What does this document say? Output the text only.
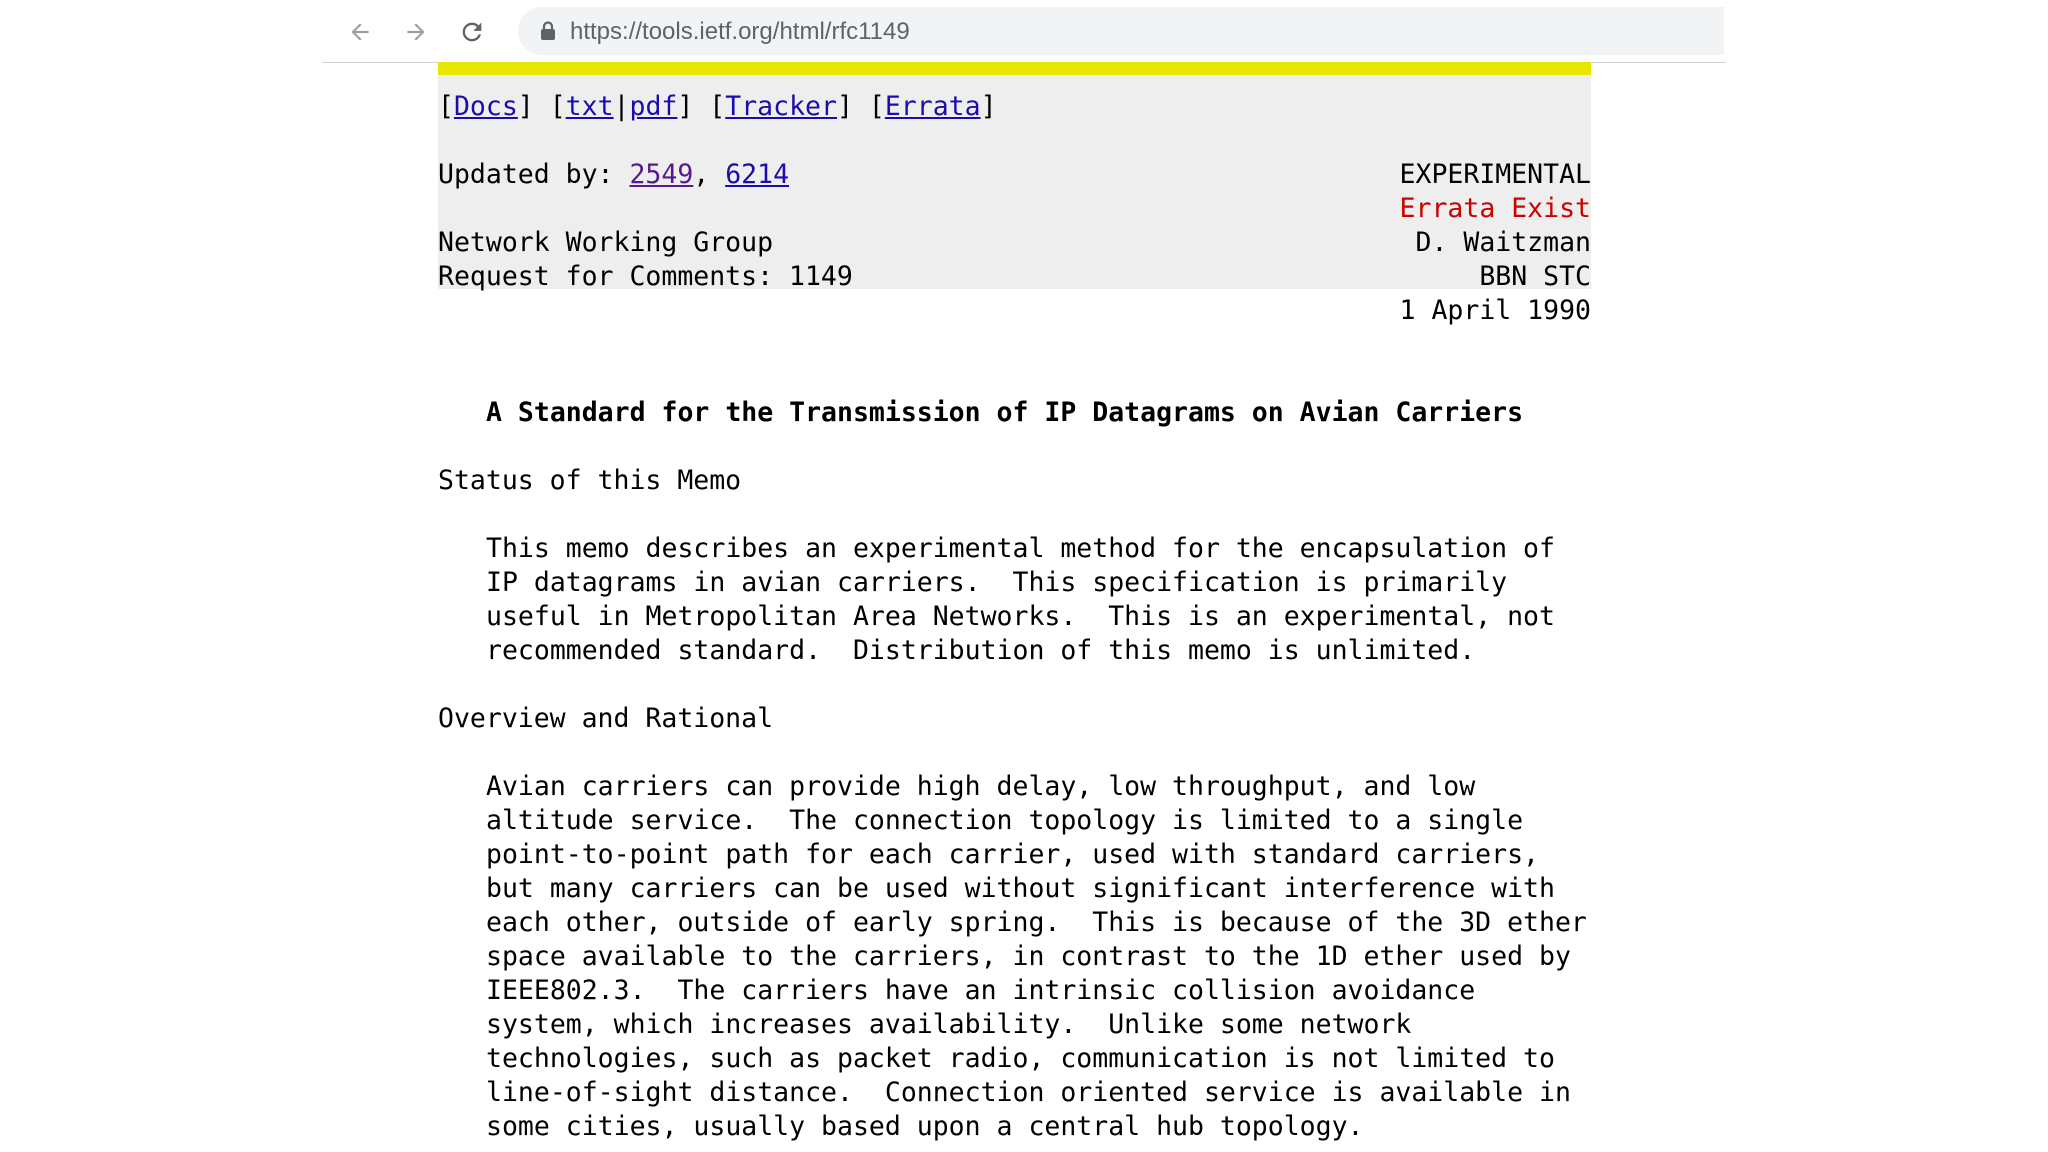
https://tools.ietf.org/html/rfc1149
[Docs] [txt|pdf] [Tracker] [Errata]
Updated by: 2549, 6214	EXPERIMENTAL
Errata Exist
Network Working Group
Request for Comments: 1149
D. Waitzman
BBN STC
1 April 1990
A Standard for the Transmission of IP Datagrams on Avian Carriers
Status of this Memo
This memo describes an experimental method for the encapsulation of
IP datagrams in avian carriers.  This specification is primarily
useful in Metropolitan Area Networks.  This is an experimental, not
recommended standard.  Distribution of this memo is unlimited.
Overview and Rational
Avian carriers can provide high delay, low throughput, and low
altitude service.  The connection topology is limited to a single
point-to-point path for each carrier, used with standard carriers,
but many carriers can be used without significant interference with
each other, outside of early spring.  This is because of the 3D ether
space available to the carriers, in contrast to the 1D ether used by
IEEE802.3.  The carriers have an intrinsic collision avoidance
system, which increases availability.  Unlike some network
technologies, such as packet radio, communication is not limited to
line-of-sight distance.  Connection oriented service is available in
some cities, usually based upon a central hub topology.
